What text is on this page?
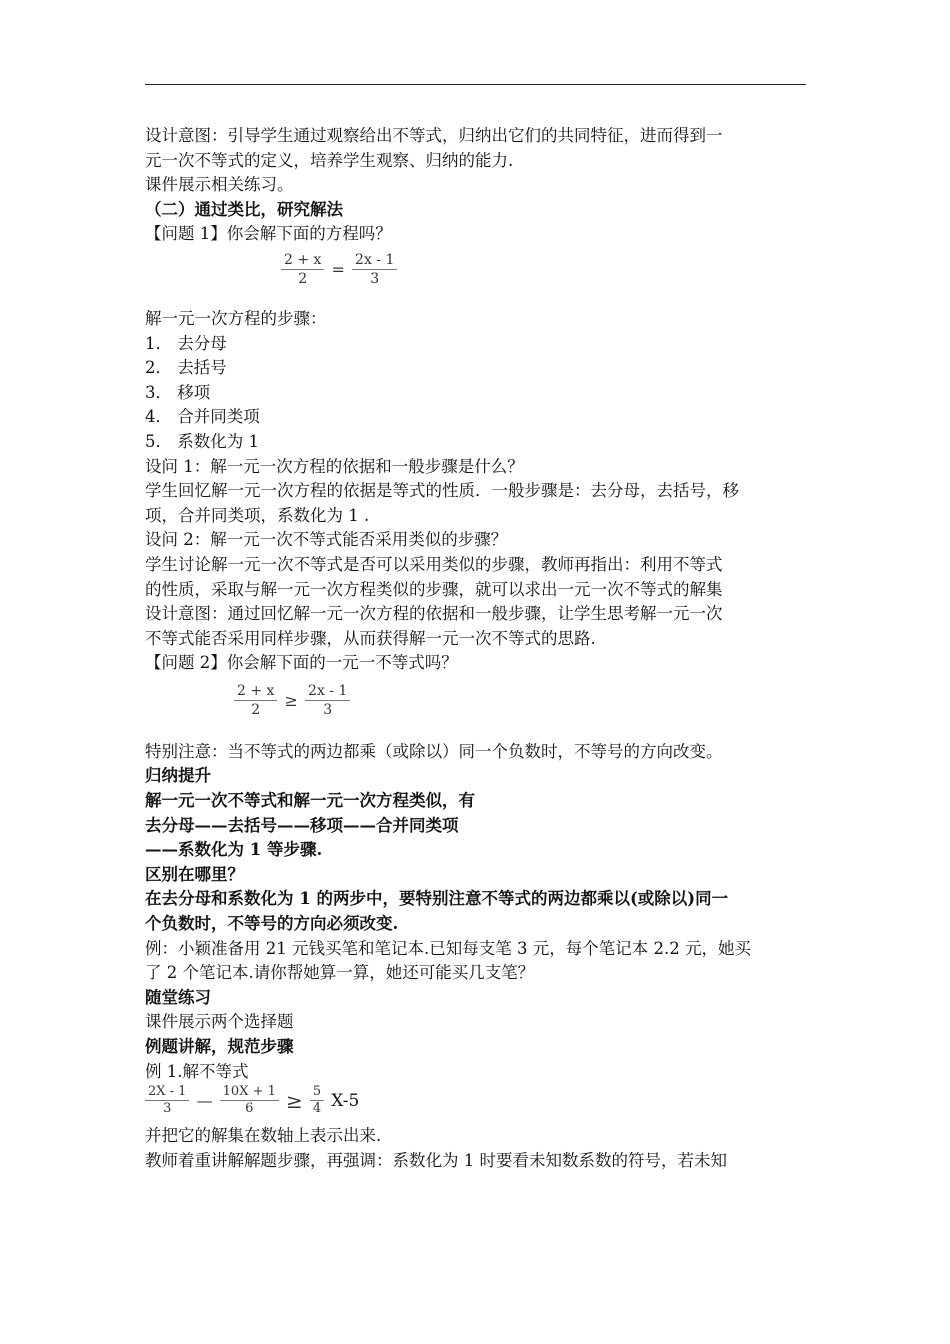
设计意图：引导学生通过观察给出不等式，归纳出它们的共同特征，进而得到一
元一次不等式的定义，培养学生观察、归纳的能力.
课件展示相关练习。
（二）通过类比，研究解法
【问题 1】你会解下面的方程吗？
$\frac{2 + x}{2} = \frac{2x - 1}{3}$
解一元一次方程的步骤：
1． 去分母
2． 去括号
3． 移项
4． 合并同类项
5． 系数化为 1
设问 1：解一元一次方程的依据和一般步骤是什么？
学生回忆解一元一次方程的依据是等式的性质．一般步骤是：去分母，去括号，移
项，合并同类项，系数化为 1 .
设问 2：解一元一次不等式能否采用类似的步骤？
学生讨论解一元一次不等式是否可以采用类似的步骤，教师再指出：利用不等式
的性质，采取与解一元一次方程类似的步骤，就可以求出一元一次不等式的解集
设计意图：通过回忆解一元一次方程的依据和一般步骤，让学生思考解一元一次
不等式能否采用同样步骤，从而获得解一元一次不等式的思路.
【问题 2】你会解下面的一元一不等式吗？
$\frac{2 + x}{2} \ge \frac{2x - 1}{3}$
特别注意：当不等式的两边都乘（或除以）同一个负数时，不等号的方向改变。
归纳提升
解一元一次不等式和解一元一次方程类似，有
去分母——去括号——移项——合并同类项
——系数化为 1 等步骤.
区别在哪里？
在去分母和系数化为 1 的两步中，要特别注意不等式的两边都乘以(或除以)同一
个负数时，不等号的方向必须改变.
例：小颖准备用 21 元钱买笔和笔记本.已知每支笔 3 元，每个笔记本 2.2 元，她买
了 2 个笔记本.请你帮她算一算，她还可能买几支笔？
随堂练习
课件展示两个选择题
例题讲解，规范步骤
例 1.解不等式
$\frac{2X - 1}{3}$ — $\frac{10X + 1}{6} \ge \frac{5}{4} X-5$
并把它的解集在数轴上表示出来.
教师着重讲解解题步骤，再强调：系数化为 1 时要看未知数系数的符号，若未知
